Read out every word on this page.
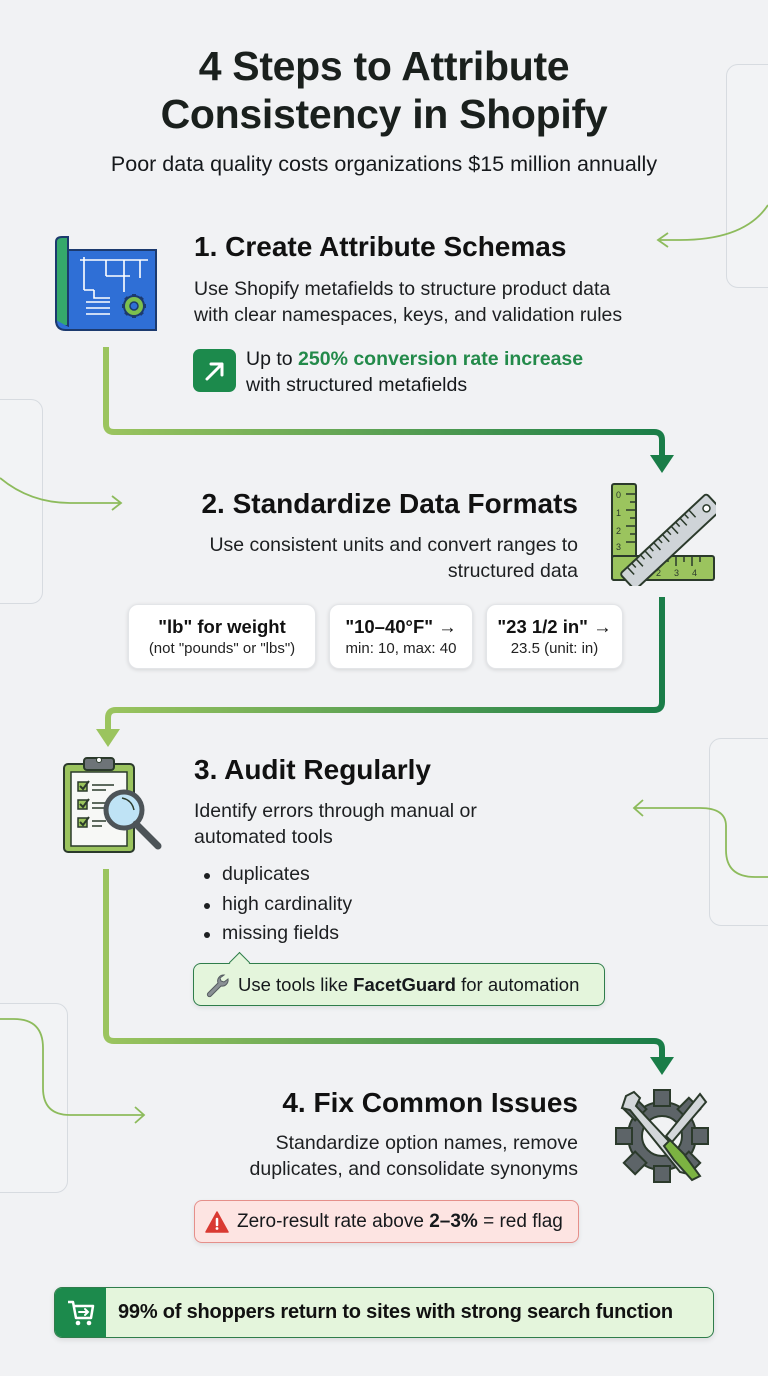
4 Steps to Attribute
Consistency in Shopify
Poor data quality costs organizations $15 million annually
1. Create Attribute Schemas
Use Shopify metafields to structure product data
with clear namespaces, keys, and validation rules
Up to 250% conversion rate increase
with structured metafields
2. Standardize Data Formats
Use consistent units and convert ranges to
structured data
0
1
2
3
2 3 4
"lb" for weight
(not "pounds" or "lbs")
"10–40°F" →
min: 10, max: 40
"23 1/2 in" →
23.5 (unit: in)
3. Audit Regularly
Identify errors through manual or
automated tools
duplicates
high cardinality
missing fields
Use tools like FacetGuard for automation
4. Fix Common Issues
Standardize option names, remove
duplicates, and consolidate synonyms
Zero-result rate above 2–3% = red flag
99% of shoppers return to sites with strong search function
